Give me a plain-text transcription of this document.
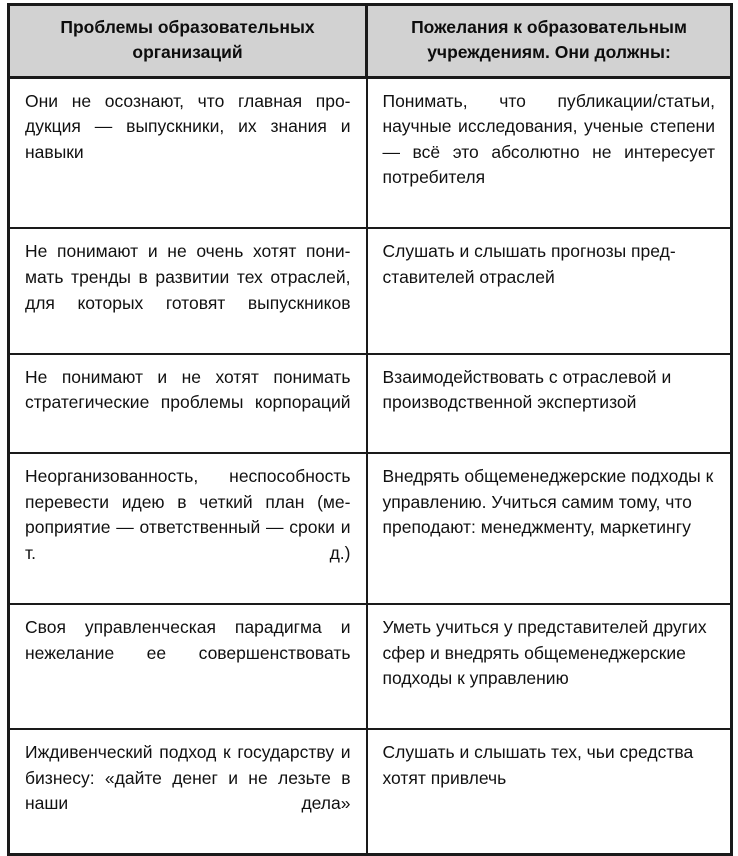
Проблемы образовательных организаций	Пожелания к образовательным учреждениям. Они должны:

Они не осознают, что главная продукция — выпускники, их знания и навыки	Понимать, что публикации/статьи, научные исследования, ученые степени — всё это абсолютно не интересует потребителя

Не понимают и не очень хотят понимать тренды в развитии тех отраслей, для которых готовят выпускников	Слушать и слышать прогнозы представителей отраслей

Не понимают и не хотят понимать стратегические проблемы корпораций	Взаимодействовать с отраслевой и производственной экспертизой

Неорганизованность, неспособность перевести идею в четкий план (мероприятие — ответственный — сроки и т. д.)	Внедрять общеменеджерские подходы к управлению. Учиться самим тому, что преподают: менеджменту, маркетингу

Своя управленческая парадигма и нежелание ее совершенствовать	Уметь учиться у представителей других сфер и внедрять общеменеджерские подходы к управлению

Иждивенческий подход к государству и бизнесу: «дайте денег и не лезьте в наши дела»	Слушать и слышать тех, чьи средства хотят привлечь
